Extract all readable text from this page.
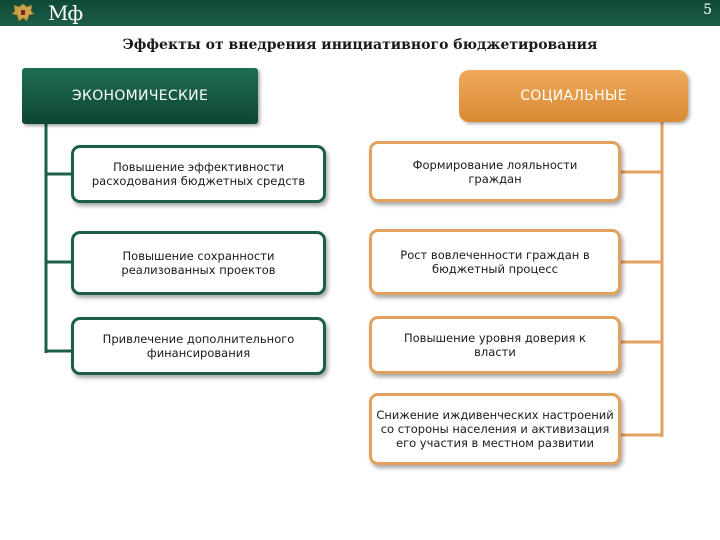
Мф	5
Эффекты от внедрения инициативного бюджетирования
ЭКОНОМИЧЕСКИЕ	СОЦИАЛЬНЫЕ
Повышение эффективности расходования бюджетных средств
Повышение сохранности реализованных проектов
Привлечение дополнительного финансирования
Формирование лояльности граждан
Рост вовлеченности граждан в бюджетный процесс
Повышение уровня доверия к власти
Снижение иждивенческих настроений со стороны населения и активизация его участия в местном развитии
